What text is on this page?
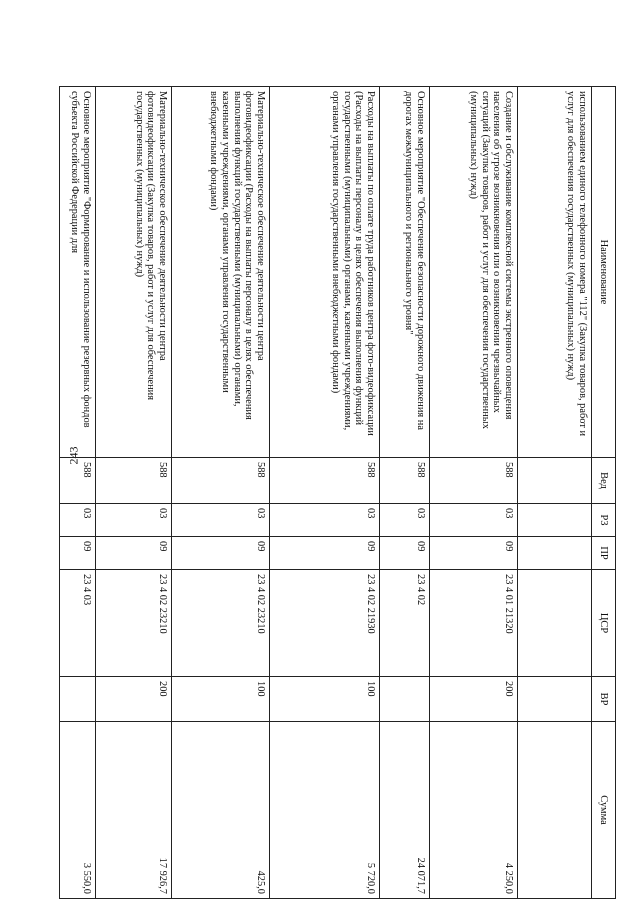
243
Наименование	Вед	РЗ	ПР	ЦСР	ВР	Сумма
использованием единого телефонного номера "112" (Закупка товаров, работ и услуг для обеспечения государственных (муниципальных) нужд)						
Создание и обслуживание комплексной системы экстренного оповещения населения об угрозе возникновения или о возникновении чрезвычайных ситуаций (Закупка товаров, работ и услуг для обеспечения государственных (муниципальных) нужд)	588	03	09	23 4 01 21320	200	4 250,0
Основное мероприятие "Обеспечение безопасности дорожного движения на дорогах межмуниципального и регионального уровня"	588	03	09	23 4 02		24 071,7
Расходы на выплаты по оплате труда работников центра фото-видеофиксации (Расходы на выплаты персоналу в целях обеспечения выполнения функций государственными (муниципальными) органами, казенными учреждениями, органами управления государственными внебюджетными фондами)	588	03	09	23 4 02 21930	100	5 720,0
Материально-техническое обеспечение деятельности центра фотовидеофиксации (Расходы на выплаты персоналу в целях обеспечения выполнения функций государственными (муниципальными) органами, казенными учреждениями, органами управления государственными внебюджетными фондами)	588	03	09	23 4 02 23210	100	425,0
Материально-техническое обеспечение деятельности центра фотовидеофиксации (Закупка товаров, работ и услуг для обеспечения государственных (муниципальных) нужд)	588	03	09	23 4 02 23210	200	17 926,7
Основное мероприятие "Формирование и использование резервных фондов субъекта Российской Федерации для	588	03	09	23 4 03		3 550,0
